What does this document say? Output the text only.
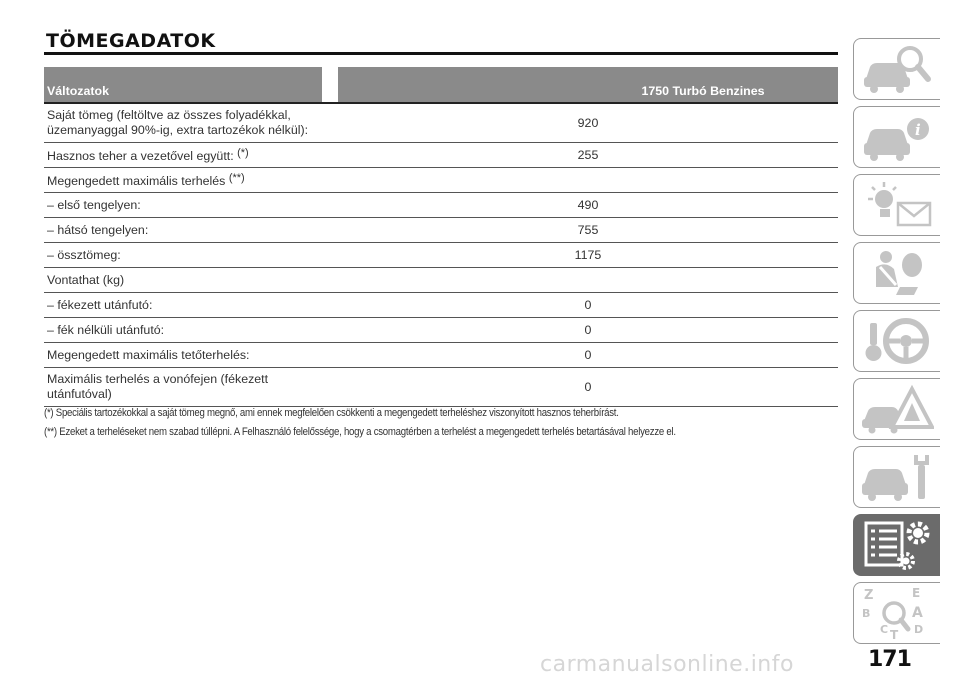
TÖMEGADATOK
Változatok		1750 Turbó Benzines
Saját tömeg (feltöltve az összes folyadékkal,
üzemanyaggal 90%-ig, extra tartozékok nélkül):		920
Hasznos teher a vezetővel együtt: (*)		255
Megengedett maximális terhelés (**)	
– első tengelyen:		490
– hátsó tengelyen:		755
– össztömeg:		1175
Vontathat (kg)		
– fékezett utánfutó:		0
– fék nélküli utánfutó:		0
Megengedett maximális tetőterhelés:		0
Maximális terhelés a vonófejen (fékezett
utánfutóval)		0
(*) Speciális tartozékokkal a saját tömeg megnő, ami ennek megfelelően csökkenti a megengedett terheléshez viszonyított hasznos teherbírást.
(**) Ezeket a terheléseket nem szabad túllépni. A Felhasználó felelőssége, hogy a csomagtérben a terhelést a megengedett terhelés betartásával helyezze el.
i
Z	E
B	A
C D
T
171
carmanualsonline.info
